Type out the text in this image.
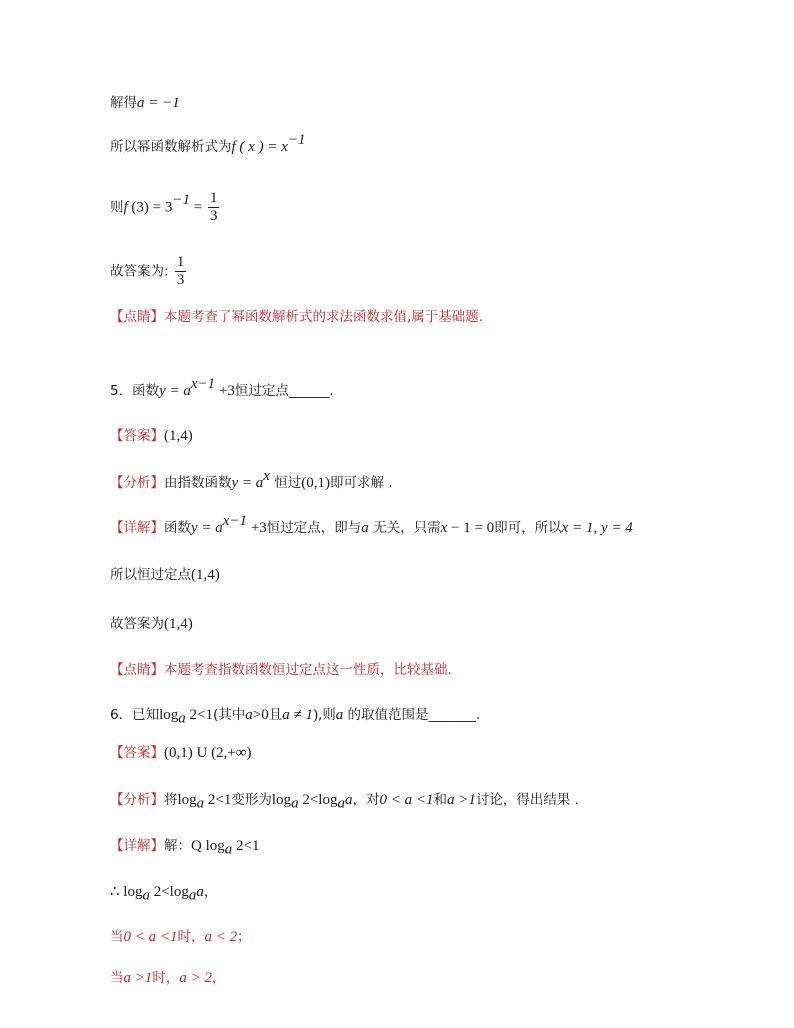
解得a = −1
所以幂函数解析式为f ( x ) = $x^{-1}$
则f $(3) = 3^{-1} = \frac{1}{3}$
故答案为: $\frac{1}{3}$
【点睛】本题考查了幂函数解析式的求法函数求值,属于基础题.
5．函数$y = a^{x-1} +3$恒过定点______.
【答案】(1,4)
【分析】由指数函数$y = a^x$ 恒过(0,1)即可求解 .
【详解】函数$y = a^{x-1} +3$恒过定点，即与a 无关，只需x − 1 = 0即可，所以x = 1, y = 4
所以恒过定点(1,4)
故答案为(1,4)
【点睛】本题考查指数函数恒过定点这一性质，比较基础.
6．已知$\log_a 2<1$(其中a>0且a ≠ 1),则a 的取值范围是_______.
【答案】(0,1) U (2,+∞)
【分析】将$\log_a 2<1$变形为$\log_a 2<\log_aa$，对0 < a <1和a >1讨论，得出结果 .
【详解】解：Q $\log_a 2<1$
∴ $\log_a 2<\log_aa$，
当0 < a <1时，a < 2；
当a >1时，a > 2，
